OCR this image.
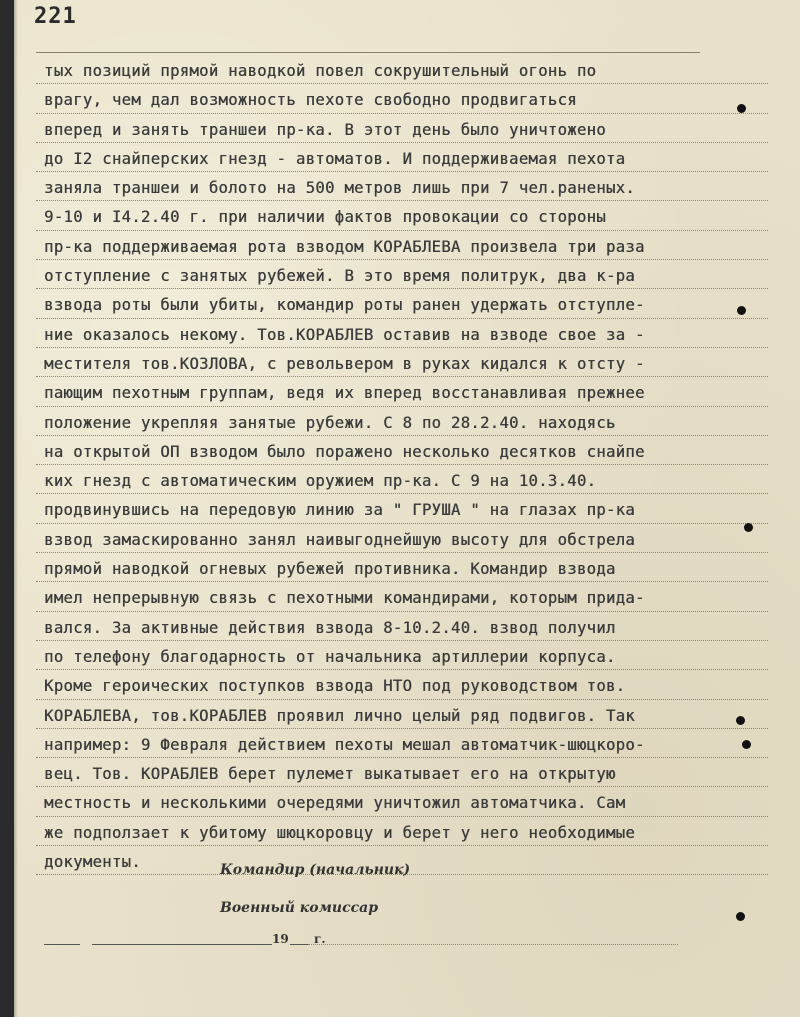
221
тых позиций прямой наводкой повел сокрушительный огонь по
врагу, чем дал возможность пехоте свободно продвигаться
вперед и занять траншеи пр-ка. В этот день было уничтожено
до I2 снайперских гнезд - автоматов. И поддерживаемая пехота
заняла траншеи и болото на 500 метров лишь при 7 чел.раненых.
9-10 и I4.2.40 г. при наличии фактов провокации со стороны
пр-ка поддерживаемая рота взводом КОРАБЛЕВА произвела три раза
отступление с занятых рубежей. В это время политрук, два к-ра
взвода роты были убиты, командир роты ранен удержать отступле-
ние оказалось некому. Тов.КОРАБЛЕВ оставив на взводе свое за -
местителя тов.КОЗЛОВА, с револьвером в руках кидался к отсту -
пающим пехотным группам, ведя их вперед восстанавливая прежнее
положение укрепляя занятые рубежи. С 8 по 28.2.40. находясь
на открытой ОП взводом было поражено несколько десятков снайпе
ких гнезд с автоматическим оружием пр-ка. С 9 на 10.3.40.
продвинувшись на передовую линию за " ГРУША " на глазах пр-ка
взвод замаскированно занял наивыгоднейшую высоту для обстрела
прямой наводкой огневых рубежей противника. Командир взвода
имел непрерывную связь с пехотными командирами, которым прида-
вался. За активные действия взвода 8-10.2.40. взвод получил
по телефону благодарность от начальника артиллерии корпуса.
Кроме героических поступков взвода НТО под руководством тов.
КОРАБЛЕВА, тов.КОРАБЛЕВ проявил лично целый ряд подвигов. Так
например: 9 Февраля действием пехоты мешал автоматчик-шюцкоро-
вец. Тов. КОРАБЛЕВ берет пулемет выкатывает его на открытую
местность и несколькими очередями уничтожил автоматчика. Сам
же подползает к убитому шюцкоровцу и берет у него необходимые
документы.	Командир (начальник)
Военный комиссар
19 г.
